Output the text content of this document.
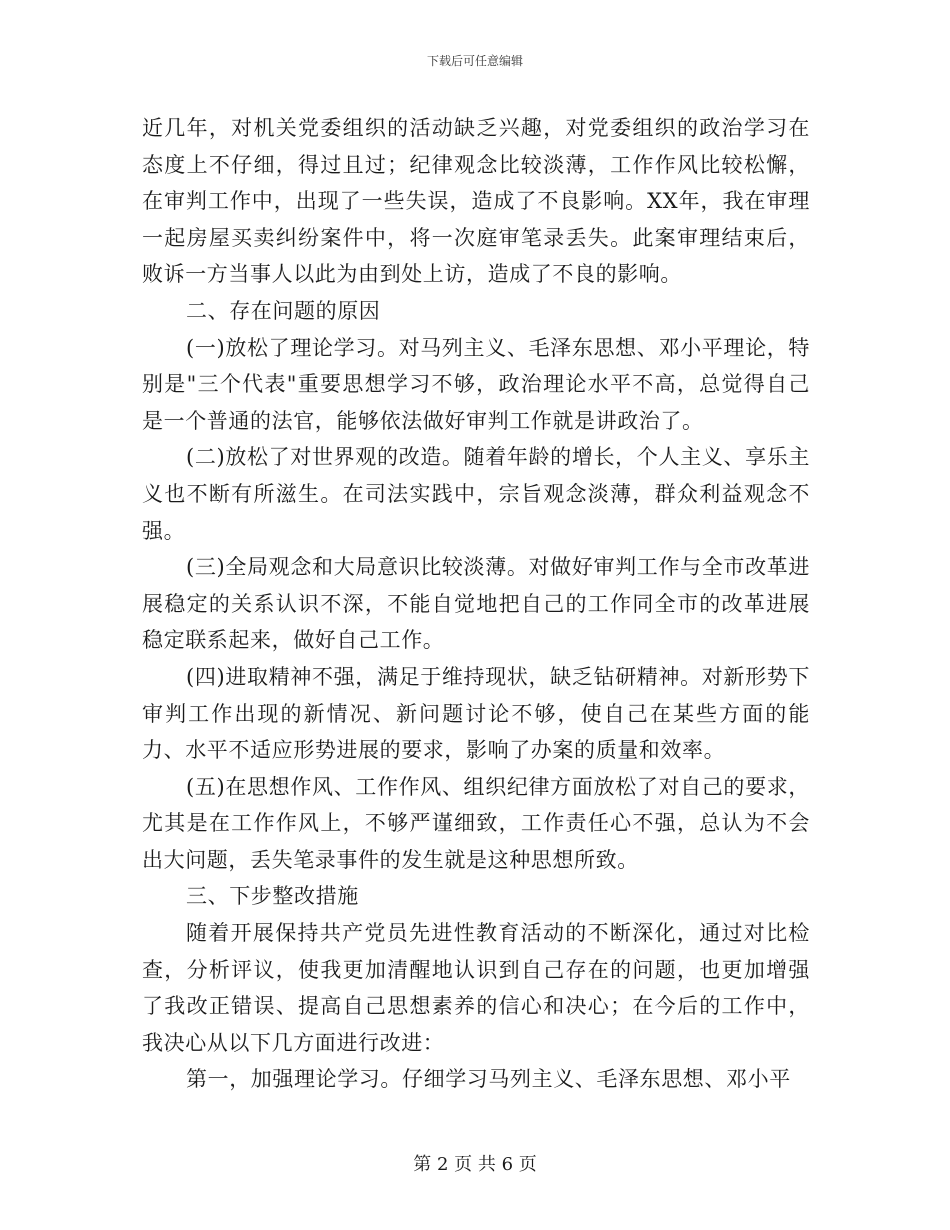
下载后可任意编辑

近几年，对机关党委组织的活动缺乏兴趣，对党委组织的政治学习在态度上不仔细，得过且过；纪律观念比较淡薄，工作作风比较松懈，在审判工作中，出现了一些失误，造成了不良影响。XX年，我在审理一起房屋买卖纠纷案件中，将一次庭审笔录丢失。此案审理结束后，败诉一方当事人以此为由到处上访，造成了不良的影响。

二、存在问题的原因

(一)放松了理论学习。对马列主义、毛泽东思想、邓小平理论，特别是"三个代表"重要思想学习不够，政治理论水平不高，总觉得自己是一个普通的法官，能够依法做好审判工作就是讲政治了。

(二)放松了对世界观的改造。随着年龄的增长，个人主义、享乐主义也不断有所滋生。在司法实践中，宗旨观念淡薄，群众利益观念不强。

(三)全局观念和大局意识比较淡薄。对做好审判工作与全市改革进展稳定的关系认识不深，不能自觉地把自己的工作同全市的改革进展稳定联系起来，做好自己工作。

(四)进取精神不强，满足于维持现状，缺乏钻研精神。对新形势下审判工作出现的新情况、新问题讨论不够，使自己在某些方面的能力、水平不适应形势进展的要求，影响了办案的质量和效率。

(五)在思想作风、工作作风、组织纪律方面放松了对自己的要求，尤其是在工作作风上，不够严谨细致，工作责任心不强，总认为不会出大问题，丢失笔录事件的发生就是这种思想所致。

三、下步整改措施

随着开展保持共产党员先进性教育活动的不断深化，通过对比检查，分析评议，使我更加清醒地认识到自己存在的问题，也更加增强了我改正错误、提高自己思想素养的信心和决心；在今后的工作中，我决心从以下几方面进行改进：

第一，加强理论学习。仔细学习马列主义、毛泽东思想、邓小平

第 2 页 共 6 页
